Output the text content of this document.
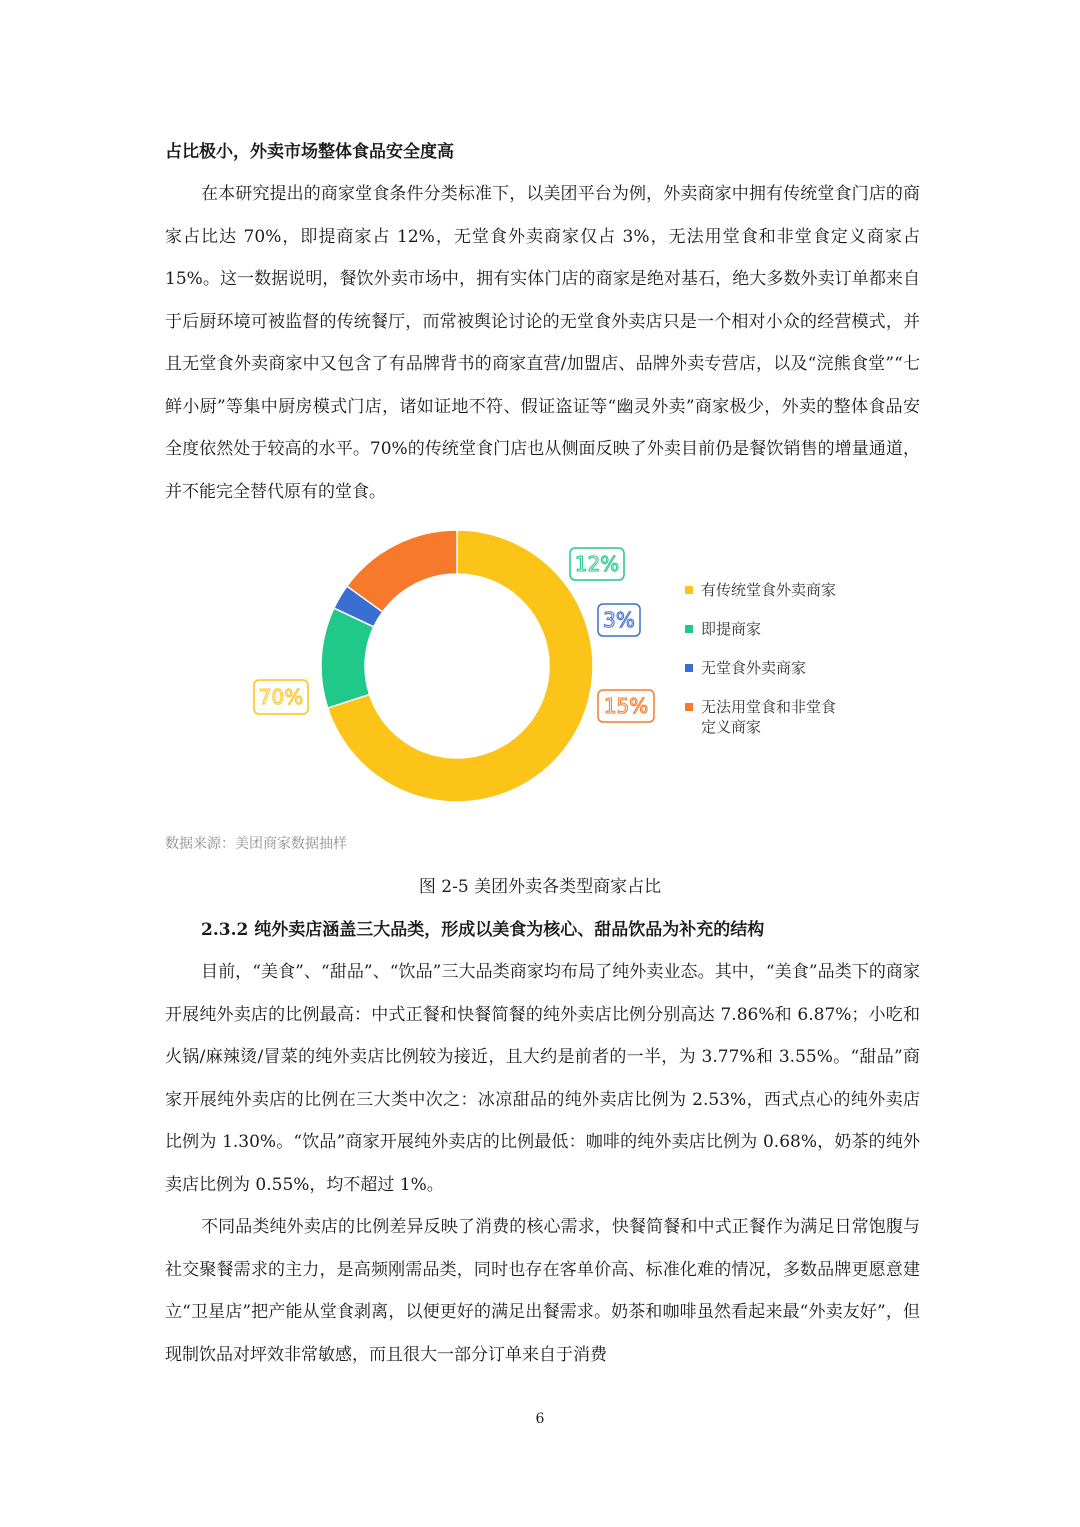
占比极小，外卖市场整体食品安全度高

在本研究提出的商家堂食条件分类标准下，以美团平台为例，外卖商家中拥有传统堂食门店的商家占比达 70%，即提商家占 12%，无堂食外卖商家仅占 3%，无法用堂食和非堂食定义商家占 15%。这一数据说明，餐饮外卖市场中，拥有实体门店的商家是绝对基石，绝大多数外卖订单都来自于后厨环境可被监督的传统餐厅，而常被舆论讨论的无堂食外卖店只是一个相对小众的经营模式，并且无堂食外卖商家中又包含了有品牌背书的商家直营/加盟店、品牌外卖专营店，以及“浣熊食堂”“七鲜小厨”等集中厨房模式门店，诸如证地不符、假证盗证等“幽灵外卖”商家极少，外卖的整体食品安全度依然处于较高的水平。70%的传统堂食门店也从侧面反映了外卖目前仍是餐饮销售的增量通道，并不能完全替代原有的堂食。

70%
12%
3%
15%
有传统堂食外卖商家
即提商家
无堂食外卖商家
无法用堂食和非堂食
定义商家

数据来源：美团商家数据抽样

图 2-5 美团外卖各类型商家占比

2.3.2 纯外卖店涵盖三大品类，形成以美食为核心、甜品饮品为补充的结构

目前，“美食”、“甜品”、“饮品”三大品类商家均布局了纯外卖业态。其中，“美食”品类下的商家开展纯外卖店的比例最高：中式正餐和快餐简餐的纯外卖店比例分别高达 7.86%和 6.87%；小吃和火锅/麻辣烫/冒菜的纯外卖店比例较为接近，且大约是前者的一半，为 3.77%和 3.55%。“甜品”商家开展纯外卖店的比例在三大类中次之：冰凉甜品的纯外卖店比例为 2.53%，西式点心的纯外卖店比例为 1.30%。“饮品”商家开展纯外卖店的比例最低：咖啡的纯外卖店比例为 0.68%，奶茶的纯外卖店比例为 0.55%，均不超过 1%。

不同品类纯外卖店的比例差异反映了消费的核心需求，快餐简餐和中式正餐作为满足日常饱腹与社交聚餐需求的主力，是高频刚需品类，同时也存在客单价高、标准化难的情况，多数品牌更愿意建立“卫星店”把产能从堂食剥离，以便更好的满足出餐需求。奶茶和咖啡虽然看起来最“外卖友好”，但现制饮品对坪效非常敏感，而且很大一部分订单来自于消费

6
